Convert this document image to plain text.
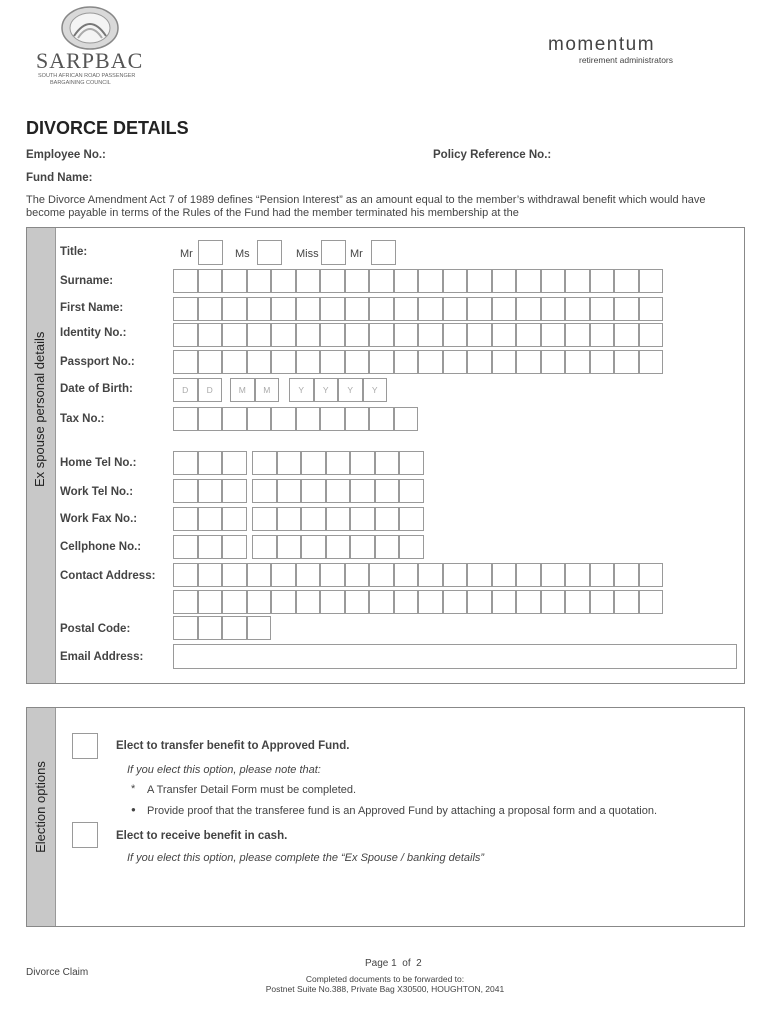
SARPBAC
SOUTH AFRICAN ROAD PASSENGER
BARGAINING COUNCIL
momentum
retirement administrators
DIVORCE DETAILS
Employee No.:	Policy Reference No.:
Fund Name:
The Divorce Amendment Act 7 of 1989 defines “Pension Interest” as an amount equal to the member’s withdrawal benefit which would have become payable in terms of the Rules of the Fund had the member terminated his membership at the
Ex spouse personal details
Title:	Mr	Ms	Miss	Mr
Surname:
First Name:
Identity No.:
Passport No.:
Date of Birth:	D	D	M	M	Y	Y	Y	Y
Tax No.:
Home Tel No.:
Work Tel No.:
Work Fax No.:
Cellphone No.:
Contact Address:
Postal Code:
Email Address:
Election options
Elect to transfer benefit to Approved Fund.
If you elect this option, please note that:
* A Transfer Detail Form must be completed.
● Provide proof that the transferee fund is an Approved Fund by attaching a proposal form and a quotation.
Elect to receive benefit in cash.
If you elect this option, please complete the “Ex Spouse / banking details”
Divorce Claim
Page 1  of  2
Completed documents to be forwarded to:
Postnet Suite No.388, Private Bag X30500, HOUGHTON, 2041
